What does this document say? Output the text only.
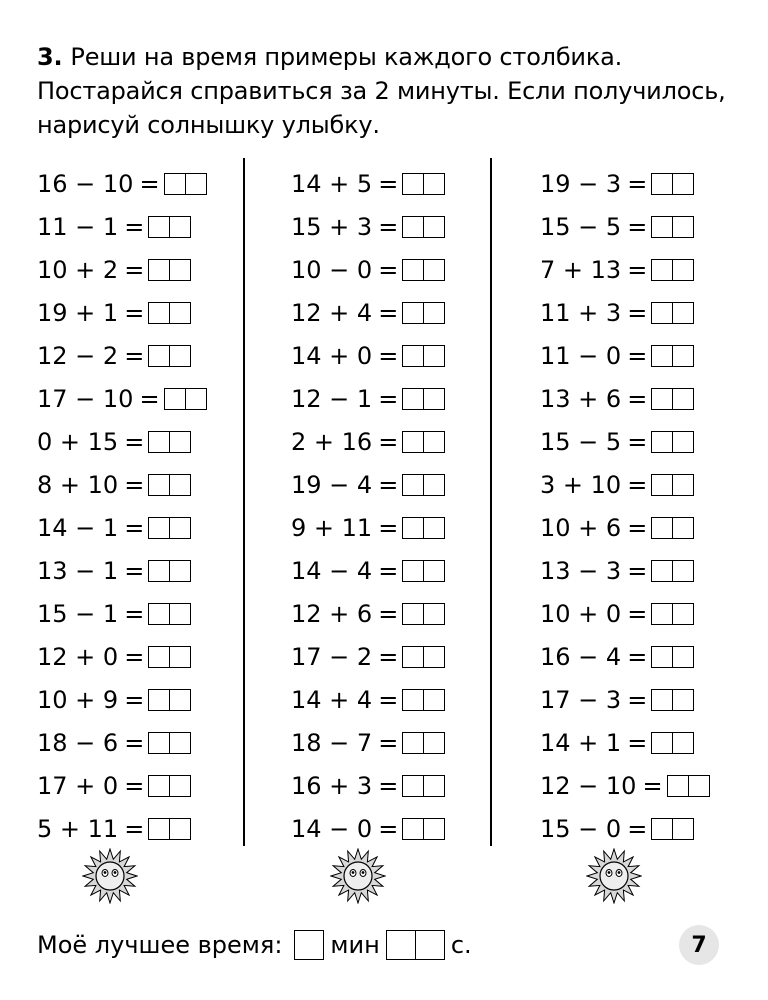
3. Реши на время примеры каждого столбика. Постарайся справиться за 2 минуты. Если получилось, нарисуй солнышку улыбку.
16 − 10 =
11 − 1 =
10 + 2 =
19 + 1 =
12 − 2 =
17 − 10 =
0 + 15 =
8 + 10 =
14 − 1 =
13 − 1 =
15 − 1 =
12 + 0 =
10 + 9 =
18 − 6 =
17 + 0 =
5 + 11 =
14 + 5 =
15 + 3 =
10 − 0 =
12 + 4 =
14 + 0 =
12 − 1 =
2 + 16 =
19 − 4 =
9 + 11 =
14 − 4 =
12 + 6 =
17 − 2 =
14 + 4 =
18 − 7 =
16 + 3 =
14 − 0 =
19 − 3 =
15 − 5 =
7 + 13 =
11 + 3 =
11 − 0 =
13 + 6 =
15 − 5 =
3 + 10 =
10 + 6 =
13 − 3 =
10 + 0 =
16 − 4 =
17 − 3 =
14 + 1 =
12 − 10 =
15 − 0 =
Моё лучшее время: мин	с.	7
